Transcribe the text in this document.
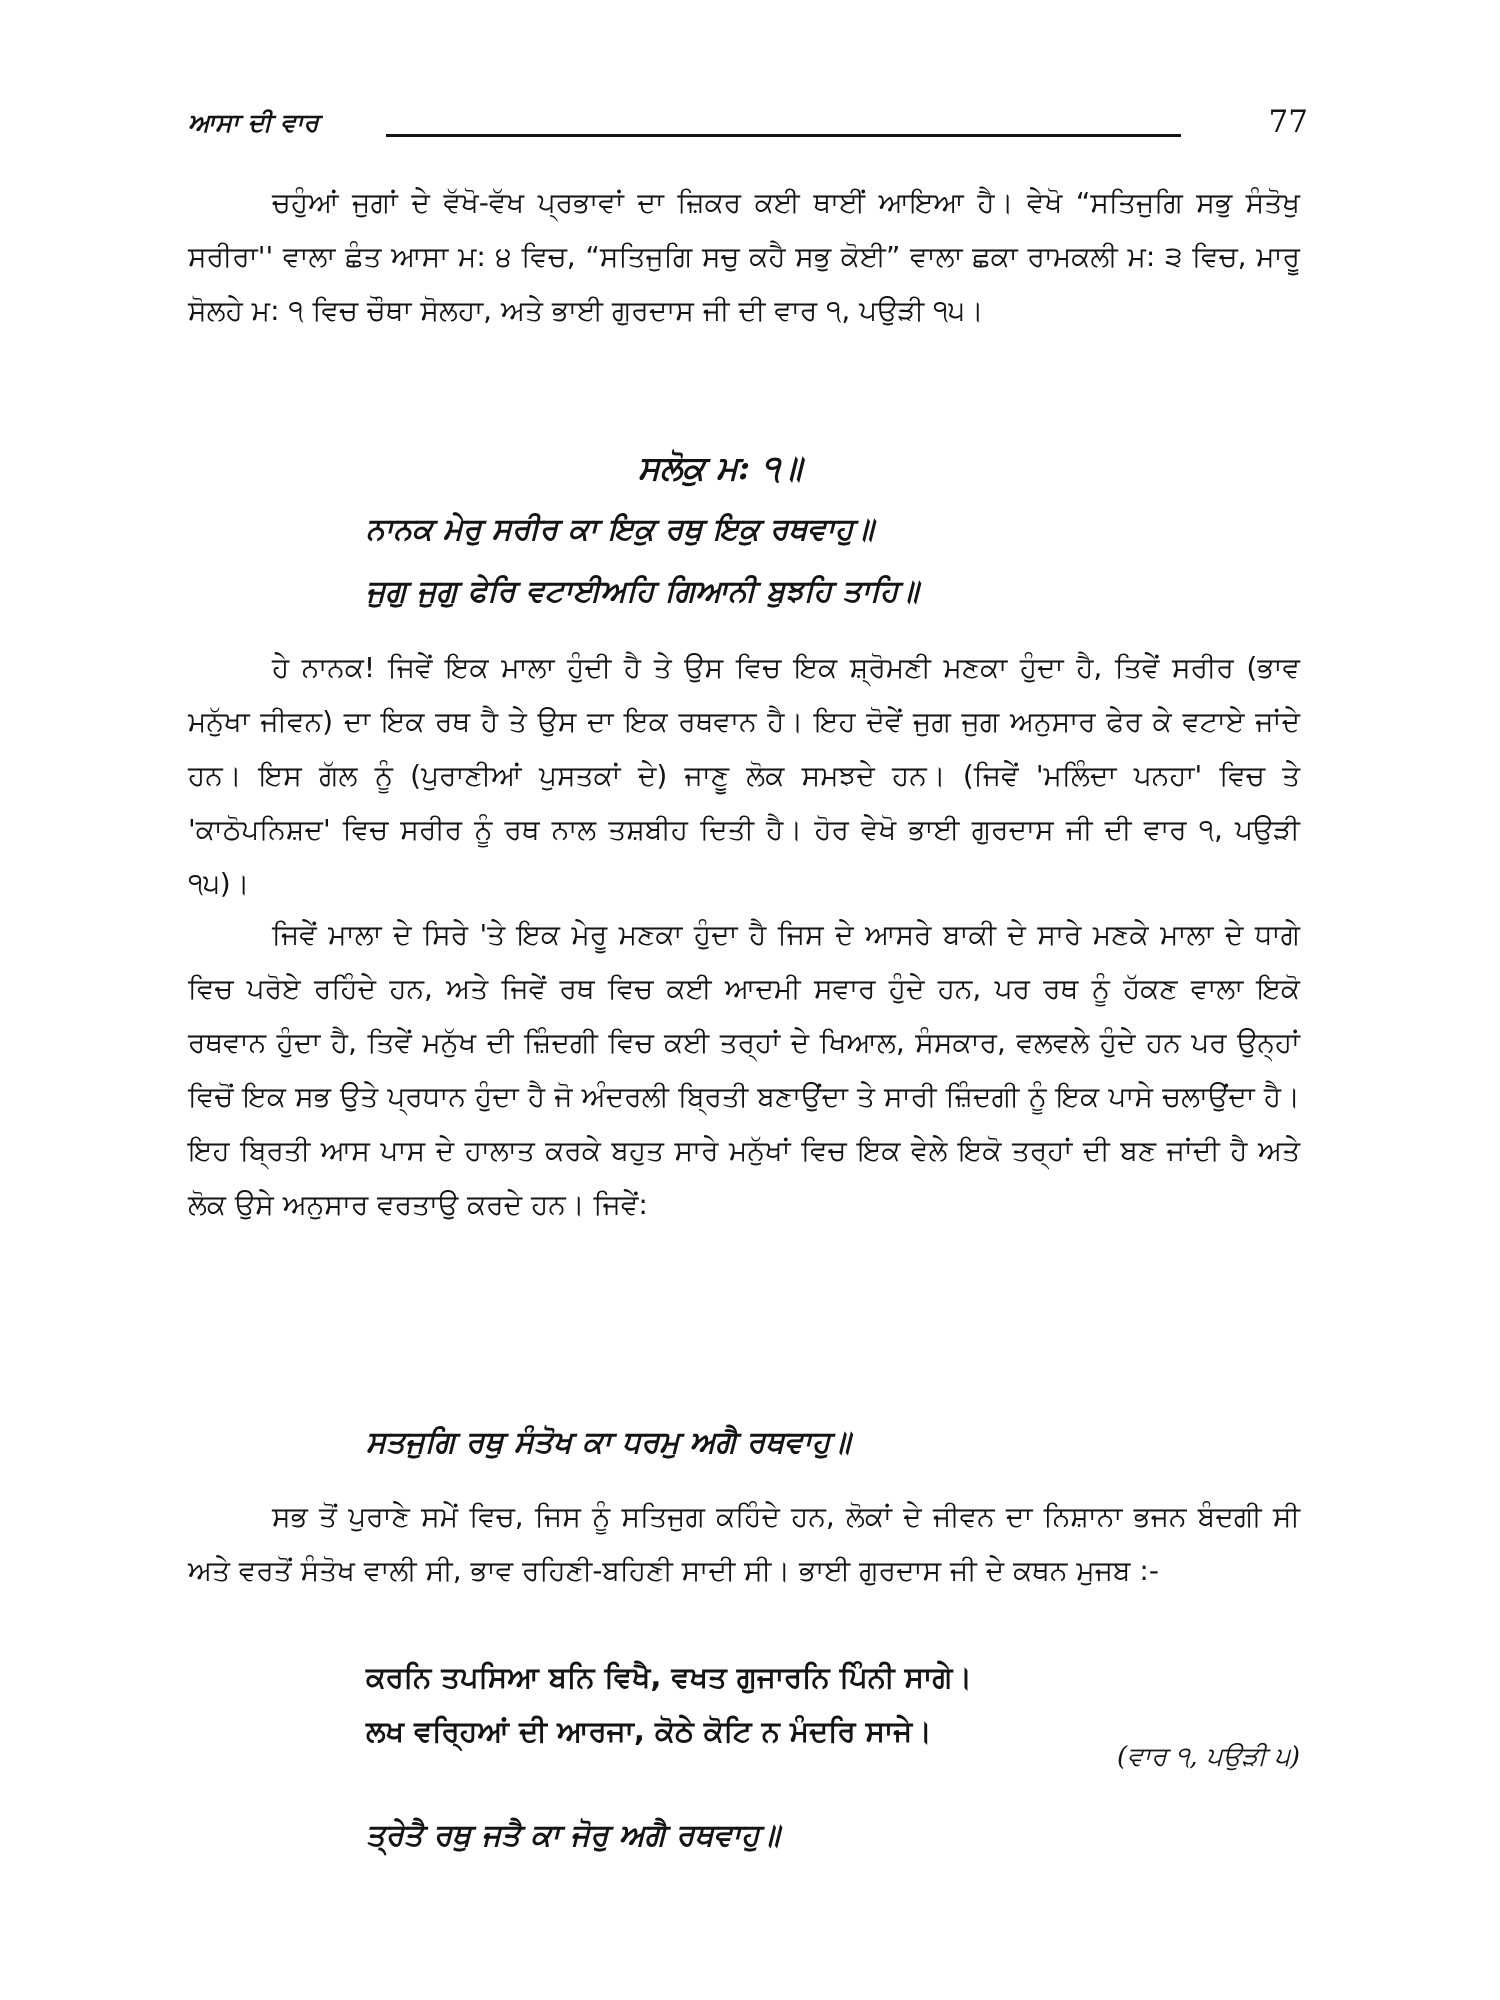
ਆਸਾ ਦੀ ਵਾਰ	77

ਚਹੁੰਆਂ ਜੁਗਾਂ ਦੇ ਵੱਖੋ-ਵੱਖ ਪ੍ਰਭਾਵਾਂ ਦਾ ਜ਼ਿਕਰ ਕਈ ਥਾਈਂ ਆਇਆ ਹੈ। ਵੇਖੋ “ਸਤਿਜੁਗਿ ਸਭੁ ਸੰਤੋਖੁ ਸਰੀਰਾ'' ਵਾਲਾ ਛੰਤ ਆਸਾ ਮ: ੪ ਵਿਚ, “ਸਤਿਜੁਗਿ ਸਚੁ ਕਹੈ ਸਭੁ ਕੋਈ” ਵਾਲਾ ਛਕਾ ਰਾਮਕਲੀ ਮ: ੩ ਵਿਚ, ਮਾਰੂ ਸੋਲਹੇ ਮ: ੧ ਵਿਚ ਚੌਥਾ ਸੋਲਹਾ, ਅਤੇ ਭਾਈ ਗੁਰਦਾਸ ਜੀ ਦੀ ਵਾਰ ੧, ਪਉੜੀ ੧੫।

ਸਲੋਕੁ ਮ: ੧॥
ਨਾਨਕ ਮੇਰੁ ਸਰੀਰ ਕਾ ਇਕੁ ਰਥੁ ਇਕੁ ਰਥਵਾਹੁ॥
ਜੁਗੁ ਜੁਗੁ ਫੇਰਿ ਵਟਾਈਅਹਿ ਗਿਆਨੀ ਬੁਝਹਿ ਤਾਹਿ॥

ਹੇ ਨਾਨਕ! ਜਿਵੇਂ ਇਕ ਮਾਲਾ ਹੁੰਦੀ ਹੈ ਤੇ ਉਸ ਵਿਚ ਇਕ ਸ਼੍ਰੋਮਣੀ ਮਣਕਾ ਹੁੰਦਾ ਹੈ, ਤਿਵੇਂ ਸਰੀਰ (ਭਾਵ ਮਨੁੱਖਾ ਜੀਵਨ) ਦਾ ਇਕ ਰਥ ਹੈ ਤੇ ਉਸ ਦਾ ਇਕ ਰਥਵਾਨ ਹੈ। ਇਹ ਦੋਵੇਂ ਜੁਗ ਜੁਗ ਅਨੁਸਾਰ ਫੇਰ ਕੇ ਵਟਾਏ ਜਾਂਦੇ ਹਨ। ਇਸ ਗੱਲ ਨੂੰ (ਪੁਰਾਣੀਆਂ ਪੁਸਤਕਾਂ ਦੇ) ਜਾਣੂ ਲੋਕ ਸਮਝਦੇ ਹਨ। (ਜਿਵੇਂ 'ਮਲਿੰਦਾ ਪਨਹਾ' ਵਿਚ ਤੇ 'ਕਾਠੋਪਨਿਸ਼ਦ' ਵਿਚ ਸਰੀਰ ਨੂੰ ਰਥ ਨਾਲ ਤਸ਼ਬੀਹ ਦਿਤੀ ਹੈ। ਹੋਰ ਵੇਖੋ ਭਾਈ ਗੁਰਦਾਸ ਜੀ ਦੀ ਵਾਰ ੧, ਪਉੜੀ ੧੫)।

ਜਿਵੇਂ ਮਾਲਾ ਦੇ ਸਿਰੇ 'ਤੇ ਇਕ ਮੇਰੂ ਮਣਕਾ ਹੁੰਦਾ ਹੈ ਜਿਸ ਦੇ ਆਸਰੇ ਬਾਕੀ ਦੇ ਸਾਰੇ ਮਣਕੇ ਮਾਲਾ ਦੇ ਧਾਗੇ ਵਿਚ ਪਰੋਏ ਰਹਿੰਦੇ ਹਨ, ਅਤੇ ਜਿਵੇਂ ਰਥ ਵਿਚ ਕਈ ਆਦਮੀ ਸਵਾਰ ਹੁੰਦੇ ਹਨ, ਪਰ ਰਥ ਨੂੰ ਹੱਕਣ ਵਾਲਾ ਇਕੋ ਰਥਵਾਨ ਹੁੰਦਾ ਹੈ, ਤਿਵੇਂ ਮਨੁੱਖ ਦੀ ਜ਼ਿੰਦਗੀ ਵਿਚ ਕਈ ਤਰ੍ਹਾਂ ਦੇ ਖਿਆਲ, ਸੰਸਕਾਰ, ਵਲਵਲੇ ਹੁੰਦੇ ਹਨ ਪਰ ਉਨ੍ਹਾਂ ਵਿਚੋਂ ਇਕ ਸਭ ਉਤੇ ਪ੍ਰਧਾਨ ਹੁੰਦਾ ਹੈ ਜੋ ਅੰਦਰਲੀ ਬ੍ਰਿਤੀ ਬਣਾਉਂਦਾ ਤੇ ਸਾਰੀ ਜ਼ਿੰਦਗੀ ਨੂੰ ਇਕ ਪਾਸੇ ਚਲਾਉਂਦਾ ਹੈ। ਇਹ ਬ੍ਰਿਤੀ ਆਸ ਪਾਸ ਦੇ ਹਾਲਾਤ ਕਰਕੇ ਬਹੁਤ ਸਾਰੇ ਮਨੁੱਖਾਂ ਵਿਚ ਇਕ ਵੇਲੇ ਇਕੋ ਤਰ੍ਹਾਂ ਦੀ ਬਣ ਜਾਂਦੀ ਹੈ ਅਤੇ ਲੋਕ ਉਸੇ ਅਨੁਸਾਰ ਵਰਤਾਉ ਕਰਦੇ ਹਨ। ਜਿਵੇਂ:

ਸਤਜੁਗਿ ਰਥੁ ਸੰਤੋਖ ਕਾ ਧਰਮੁ ਅਗੈ ਰਥਵਾਹੁ॥

ਸਭ ਤੋਂ ਪੁਰਾਣੇ ਸਮੇਂ ਵਿਚ, ਜਿਸ ਨੂੰ ਸਤਿਜੁਗ ਕਹਿੰਦੇ ਹਨ, ਲੋਕਾਂ ਦੇ ਜੀਵਨ ਦਾ ਨਿਸ਼ਾਨਾ ਭਜਨ ਬੰਦਗੀ ਸੀ ਅਤੇ ਵਰਤੋਂ ਸੰਤੋਖ ਵਾਲੀ ਸੀ, ਭਾਵ ਰਹਿਣੀ-ਬਹਿਣੀ ਸਾਦੀ ਸੀ। ਭਾਈ ਗੁਰਦਾਸ ਜੀ ਦੇ ਕਥਨ ਮੁਜਬ :-

ਕਰਨਿ ਤਪਸਿਆ ਬਨਿ ਵਿਖੈ, ਵਖਤ ਗੁਜਾਰਨਿ ਪਿੰਨੀ ਸਾਗੇ।
ਲਖ ਵਰ੍ਹਿਆਂ ਦੀ ਆਰਜਾ, ਕੋਠੇ ਕੋਟਿ ਨ ਮੰਦਰਿ ਸਾਜੇ।
(ਵਾਰ ੧, ਪਉੜੀ ੫)
ਤ੍ਰੇਤੈ ਰਥੁ ਜਤੈ ਕਾ ਜੋਰੁ ਅਗੈ ਰਥਵਾਹੁ॥
